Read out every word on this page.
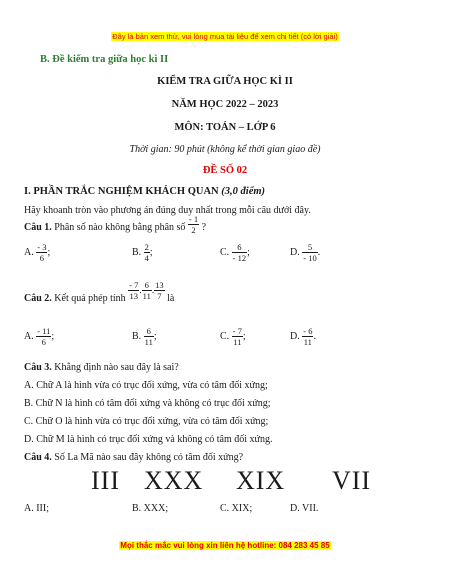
Đây là bản xem thử, vui lòng mua tài liệu để xem chi tiết (có lời giải)
B. Đề kiểm tra giữa học kì II
KIỂM TRA GIỮA HỌC KÌ II
NĂM HỌC 2022 – 2023
MÔN: TOÁN – LỚP 6
Thời gian: 90 phút (không kể thời gian giao đề)
ĐỀ SỐ 02
I. PHẦN TRẮC NGHIỆM KHÁCH QUAN (3,0 điểm)
Hãy khoanh tròn vào phương án đúng duy nhất trong mỗi câu dưới đây.
Câu 1.
Phân số nào không bằng phân số
$\frac{- 1}{2}$
?
A.
$\frac{- 3}{6}$ ;	B.
$\frac{2}{4}$ ;	C.
$\frac{6}{- 12}$ ;	D.
$\frac{5}{- 10}$ .
Câu 2.
Kết quả phép tính
$\frac{- 7}{13}$ . $\frac{6}{11}$ . $\frac{13}{7}$
là
A.
$\frac{- 11}{6}$ ;	B.
$\frac{6}{11}$ ;	C.
$\frac{- 7}{11}$ ;	D.
$\frac{- 6}{11}$ .
Câu 3. Khẳng định nào sau đây là sai?
A. Chữ A là hình vừa có trục đối xứng, vừa có tâm đối xứng;
B. Chữ N là hình có tâm đối xứng và không có trục đối xứng;
C. Chữ O là hình vừa có trục đối xứng, vừa có tâm đối xứng;
D. Chữ M là hình có trục đối xứng và không có tâm đối xứng.
Câu 4. Số La Mã nào sau đây không có tâm đối xứng?
III XXX XIX VII
A. III;	B. XXX;	C. XIX;	D. VII.
Mọi thắc mắc vui lòng xin liên hệ hotline: 084 283 45 85
